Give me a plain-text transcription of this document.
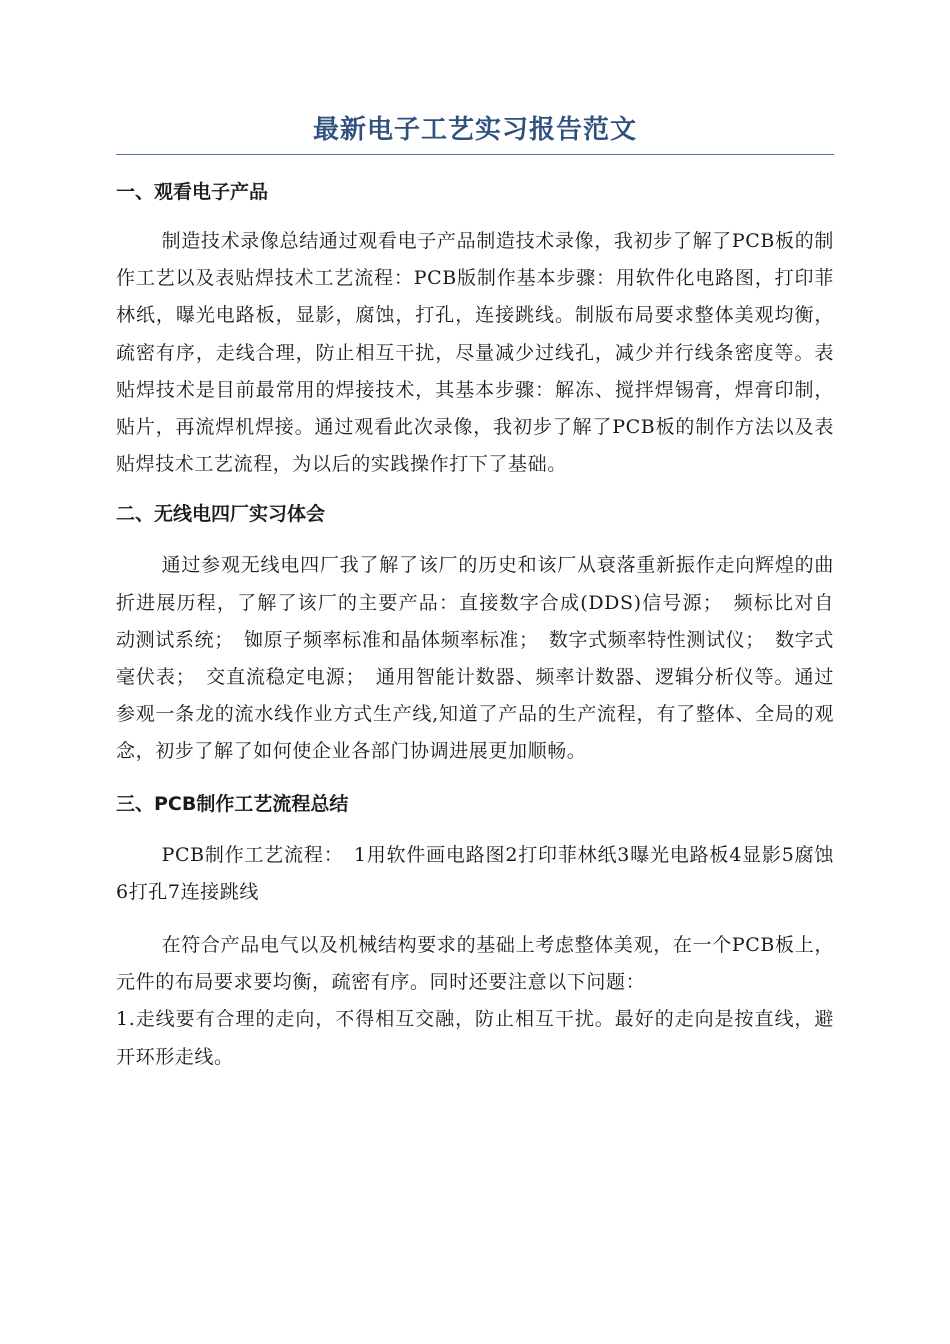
最新电子工艺实习报告范文
一、观看电子产品

制造技术录像总结通过观看电子产品制造技术录像，我初步了解了PCB板的制作工艺以及表贴焊技术工艺流程：PCB版制作基本步骤：用软件化电路图，打印菲林纸，曝光电路板，显影，腐蚀，打孔，连接跳线。制版布局要求整体美观均衡，疏密有序，走线合理，防止相互干扰，尽量减少过线孔，减少并行线条密度等。表贴焊技术是目前最常用的焊接技术，其基本步骤：解冻、搅拌焊锡膏，焊膏印制，贴片，再流焊机焊接。通过观看此次录像，我初步了解了PCB板的制作方法以及表贴焊技术工艺流程，为以后的实践操作打下了基础。

二、无线电四厂实习体会

通过参观无线电四厂我了解了该厂的历史和该厂从衰落重新振作走向辉煌的曲折进展历程，了解了该厂的主要产品：直接数字合成(DDS)信号源；　频标比对自动测试系统；　铷原子频率标准和晶体频率标准；　数字式频率特性测试仪；　数字式毫伏表；　交直流稳定电源；　通用智能计数器、频率计数器、逻辑分析仪等。通过参观一条龙的流水线作业方式生产线,知道了产品的生产流程，有了整体、全局的观念，初步了解了如何使企业各部门协调进展更加顺畅。

三、PCB制作工艺流程总结

PCB制作工艺流程：　1用软件画电路图2打印菲林纸3曝光电路板4显影5腐蚀6打孔7连接跳线

在符合产品电气以及机械结构要求的基础上考虑整体美观，在一个PCB板上，元件的布局要求要均衡，疏密有序。同时还要注意以下问题：

1.走线要有合理的走向，不得相互交融，防止相互干扰。最好的走向是按直线，避开环形走线。
